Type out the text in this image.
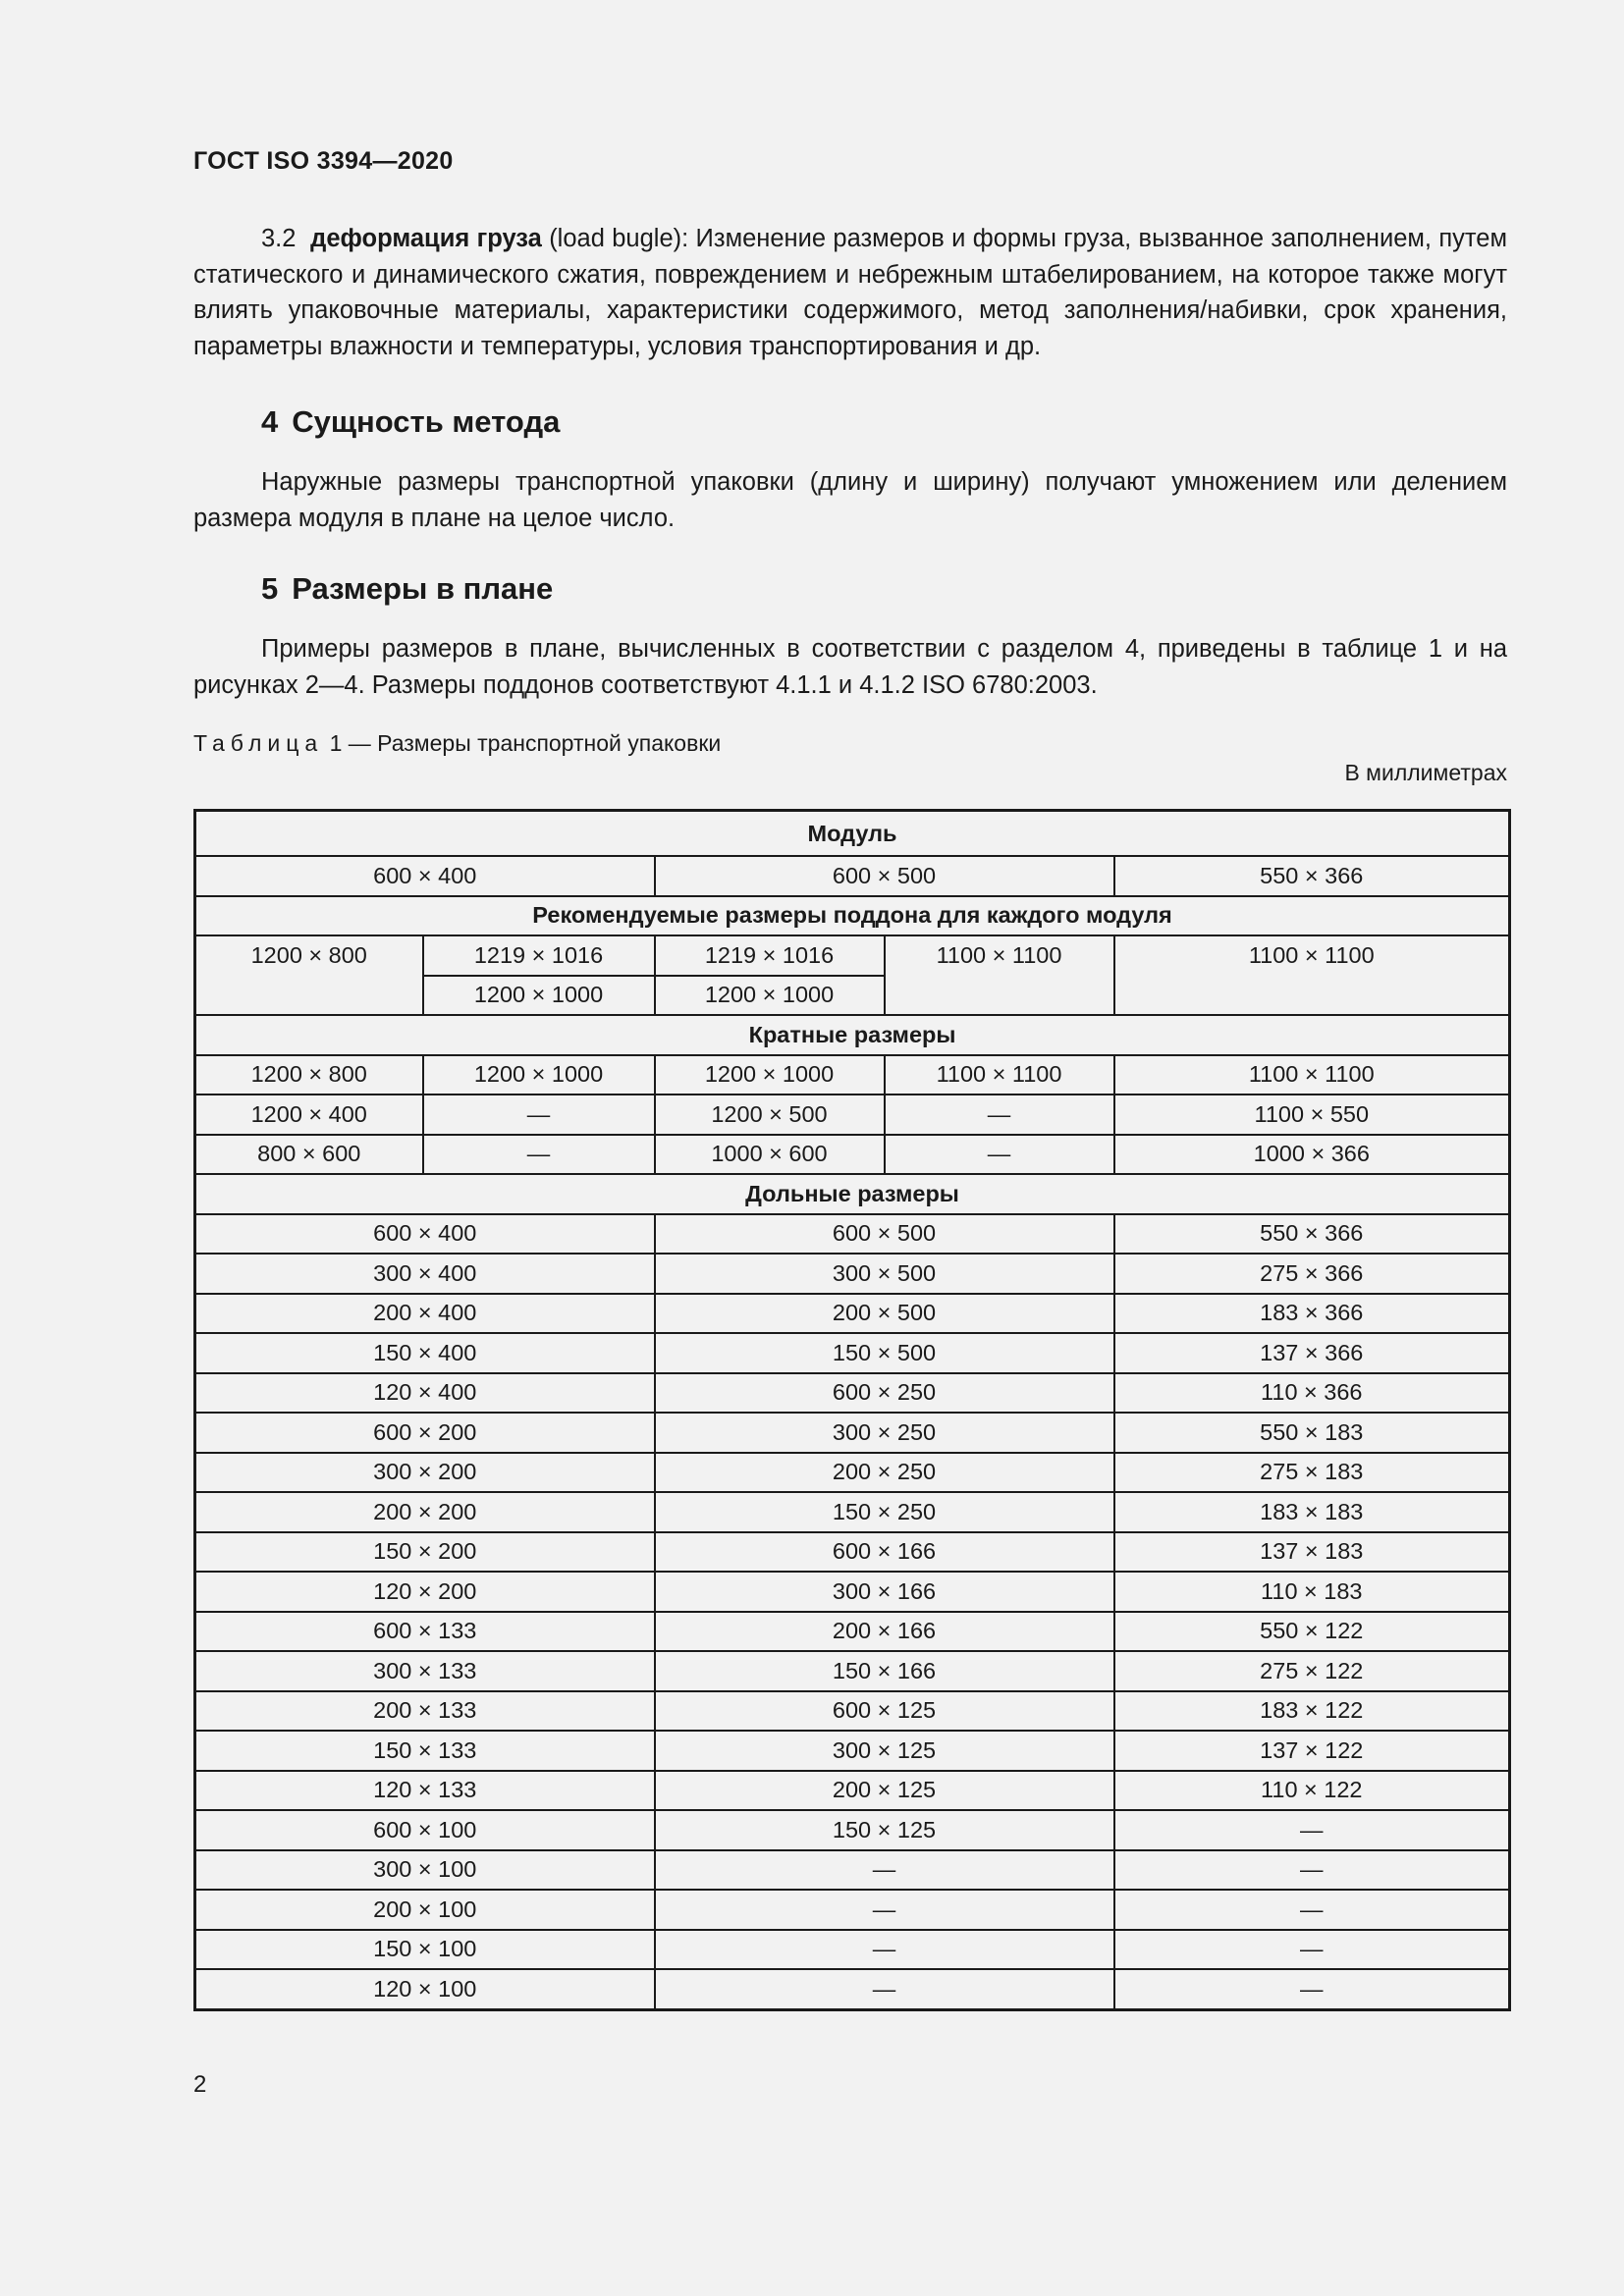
ГОСТ ISO 3394—2020
3.2 деформация груза (load bugle): Изменение размеров и формы груза, вызванное заполнением, путем статического и динамического сжатия, повреждением и небрежным штабелированием, на которое также могут влиять упаковочные материалы, характеристики содержимого, метод заполнения/набивки, срок хранения, параметры влажности и температуры, условия транспортирования и др.
4 Сущность метода
Наружные размеры транспортной упаковки (длину и ширину) получают умножением или делением размера модуля в плане на целое число.
5 Размеры в плане
Примеры размеров в плане, вычисленных в соответствии с разделом 4, приведены в таблице 1 и на рисунках 2—4. Размеры поддонов соответствуют 4.1.1 и 4.1.2 ISO 6780:2003.
Таблица 1 — Размеры транспортной упаковки
В миллиметрах
Модуль				
600 × 400		600 × 500		550 × 366
Рекомендуемые размеры поддона для каждого модуля				
1200 × 800	1219 × 1016	1219 × 1016	1100 × 1100	1100 × 1100
	1200 × 1000	1200 × 1000		
Кратные размеры				
1200 × 800	1200 × 1000	1200 × 1000	1100 × 1100	1100 × 1100
1200 × 400	—	1200 × 500	—	1100 × 550
800 × 600	—	1000 × 600	—	1000 × 366
Дольные размеры				
600 × 400		600 × 500		550 × 366
300 × 400		300 × 500		275 × 366
200 × 400		200 × 500		183 × 366
150 × 400		150 × 500		137 × 366
120 × 400		600 × 250		110 × 366
600 × 200		300 × 250		550 × 183
300 × 200		200 × 250		275 × 183
200 × 200		150 × 250		183 × 183
150 × 200		600 × 166		137 × 183
120 × 200		300 × 166		110 × 183
600 × 133		200 × 166		550 × 122
300 × 133		150 × 166		275 × 122
200 × 133		600 × 125		183 × 122
150 × 133		300 × 125		137 × 122
120 × 133		200 × 125		110 × 122
600 × 100		150 × 125		—
300 × 100		—		—
200 × 100		—		—
150 × 100		—		—
120 × 100		—		—
2
